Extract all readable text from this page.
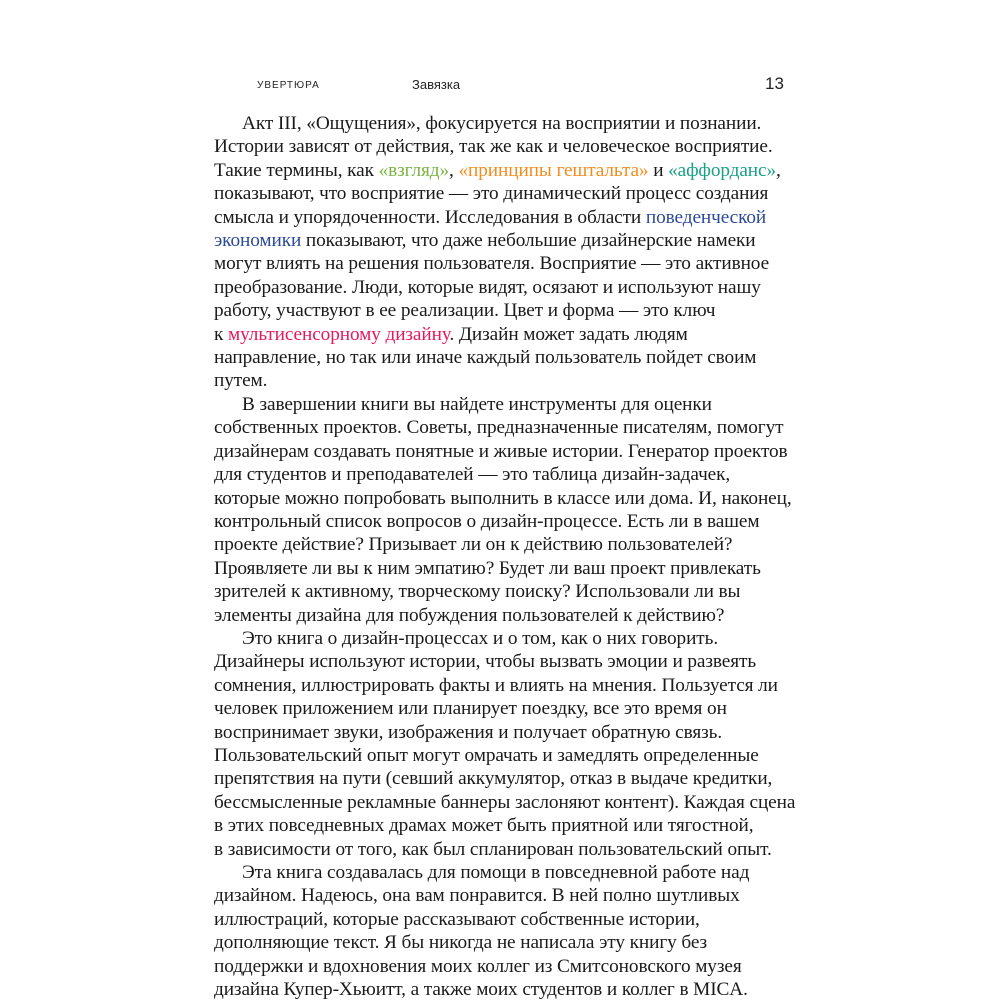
УВЕРТЮРА	Завязка	13

Акт III, «Ощущения», фокусируется на восприятии и познании.
Истории зависят от действия, так же как и человеческое восприятие.
Такие термины, как «взгляд», «принципы гештальта» и «аффорданс»,
показывают, что восприятие — это динамический процесс создания
смысла и упорядоченности. Исследования в области поведенческой
экономики показывают, что даже небольшие дизайнерские намеки
могут влиять на решения пользователя. Восприятие — это активное
преобразование. Люди, которые видят, осязают и используют нашу
работу, участвуют в ее реализации. Цвет и форма — это ключ
к мультисенсорному дизайну. Дизайн может задать людям
направление, но так или иначе каждый пользователь пойдет своим
путем.

В завершении книги вы найдете инструменты для оценки
собственных проектов. Советы, предназначенные писателям, помогут
дизайнерам создавать понятные и живые истории. Генератор проектов
для студентов и преподавателей — это таблица дизайн-задачек,
которые можно попробовать выполнить в классе или дома. И, наконец,
контрольный список вопросов о дизайн-процессе. Есть ли в вашем
проекте действие? Призывает ли он к действию пользователей?
Проявляете ли вы к ним эмпатию? Будет ли ваш проект привлекать
зрителей к активному, творческому поиску? Использовали ли вы
элементы дизайна для побуждения пользователей к действию?

Это книга о дизайн-процессах и о том, как о них говорить.
Дизайнеры используют истории, чтобы вызвать эмоции и развеять
сомнения, иллюстрировать факты и влиять на мнения. Пользуется ли
человек приложением или планирует поездку, все это время он
воспринимает звуки, изображения и получает обратную связь.
Пользовательский опыт могут омрачать и замедлять определенные
препятствия на пути (севший аккумулятор, отказ в выдаче кредитки,
бессмысленные рекламные баннеры заслоняют контент). Каждая сцена
в этих повседневных драмах может быть приятной или тягостной,
в зависимости от того, как был спланирован пользовательский опыт.

Эта книга создавалась для помощи в повседневной работе над
дизайном. Надеюсь, она вам понравится. В ней полно шутливых
иллюстраций, которые рассказывают собственные истории,
дополняющие текст. Я бы никогда не написала эту книгу без
поддержки и вдохновения моих коллег из Смитсоновского музея
дизайна Купер-Хьюитт, а также моих студентов и коллег в MICA.
